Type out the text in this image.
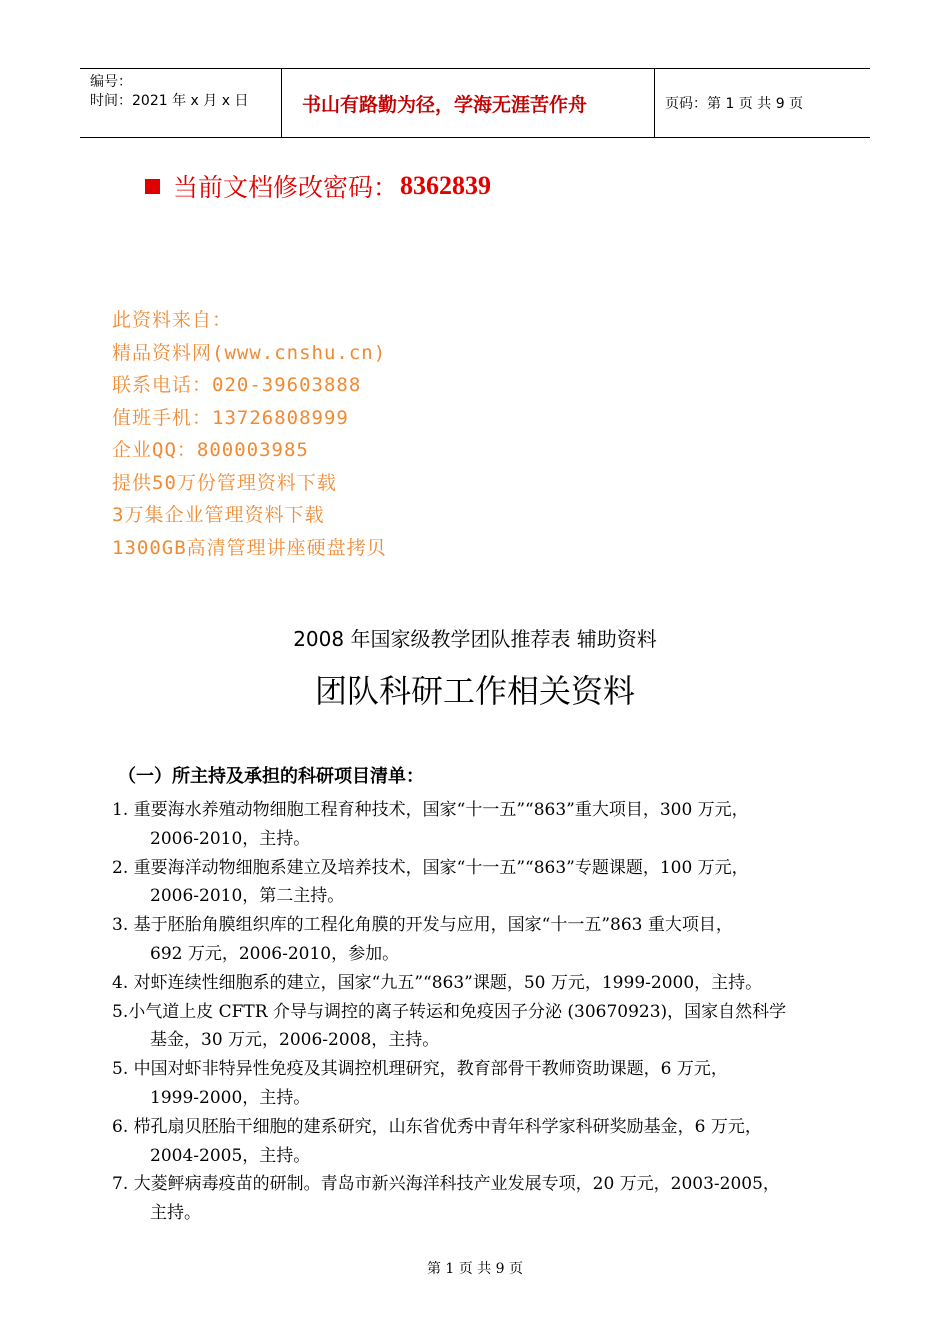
编号：
时间：2021 年 x 月 x 日	书山有路勤为径，学海无涯苦作舟	页码：第 1 页 共 9 页
当前文档修改密码： 8362839
此资料来自：
精品资料网(www.cnshu.cn)
联系电话：020-39603888
值班手机：13726808999
企业QQ：800003985
提供50万份管理资料下载
3万集企业管理资料下载
1300GB高清管理讲座硬盘拷贝
2008 年国家级教学团队推荐表 辅助资料
团队科研工作相关资料
（一）所主持及承担的科研项目清单：
1. 重要海水养殖动物细胞工程育种技术，国家“十一五”“863”重大项目，300 万元，
2006-2010，主持。
2. 重要海洋动物细胞系建立及培养技术，国家“十一五”“863”专题课题，100 万元，
2006-2010，第二主持。
3. 基于胚胎角膜组织库的工程化角膜的开发与应用，国家“十一五”863 重大项目，
692 万元，2006-2010，参加。
4. 对虾连续性细胞系的建立，国家“九五”“863”课题，50 万元，1999-2000，主持。
5.小气道上皮 CFTR 介导与调控的离子转运和免疫因子分泌 (30670923)，国家自然科学
基金，30 万元，2006-2008，主持。
5. 中国对虾非特异性免疫及其调控机理研究，教育部骨干教师资助课题，6 万元，
1999-2000，主持。
6. 栉孔扇贝胚胎干细胞的建系研究，山东省优秀中青年科学家科研奖励基金，6 万元，
2004-2005，主持。
7. 大菱鲆病毒疫苗的研制。青岛市新兴海洋科技产业发展专项，20 万元，2003-2005，
主持。
第 1 页 共 9 页
